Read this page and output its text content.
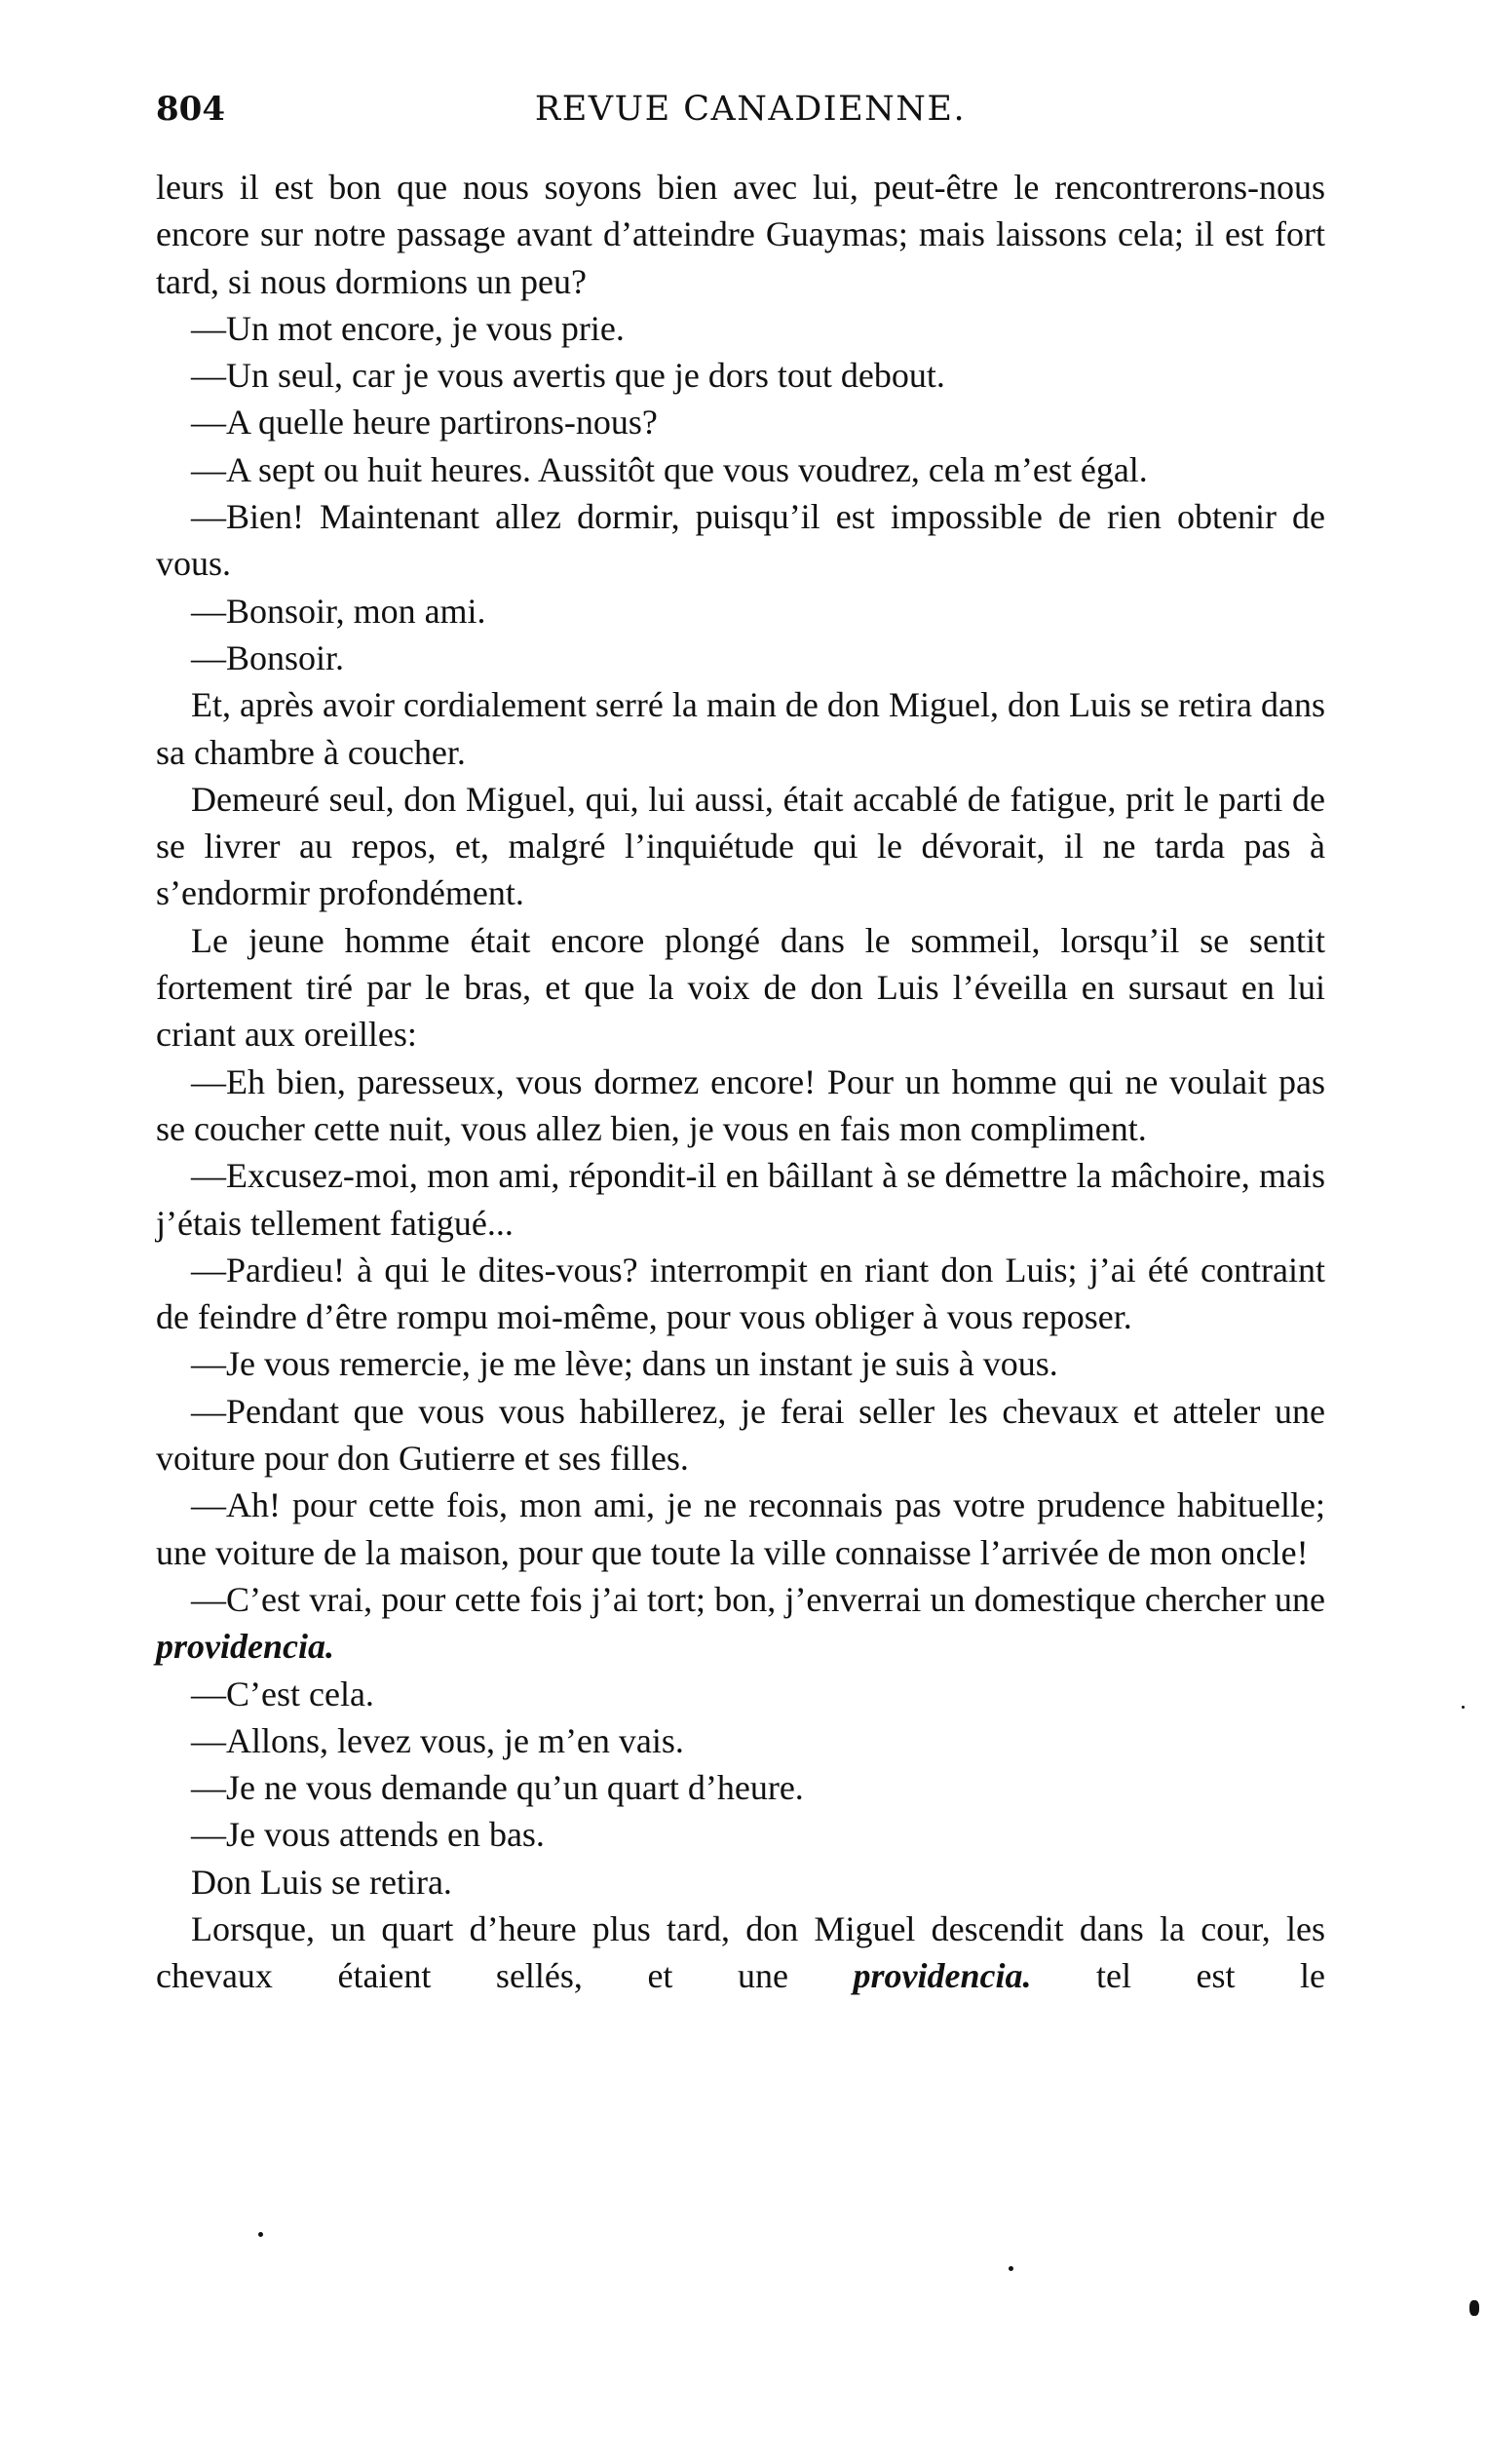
804	REVUE CANADIENNE.

leurs il est bon que nous soyons bien avec lui, peut-être le rencontrerons-nous encore sur notre passage avant d’atteindre Guaymas; mais laissons cela; il est fort tard, si nous dormions un peu?

—Un mot encore, je vous prie.

—Un seul, car je vous avertis que je dors tout debout.

—A quelle heure partirons-nous?

—A sept ou huit heures. Aussitôt que vous voudrez, cela m’est égal.

—Bien! Maintenant allez dormir, puisqu’il est impossible de rien obtenir de vous.

—Bonsoir, mon ami.

—Bonsoir.

Et, après avoir cordialement serré la main de don Miguel, don Luis se retira dans sa chambre à coucher.

Demeuré seul, don Miguel, qui, lui aussi, était accablé de fatigue, prit le parti de se livrer au repos, et, malgré l’inquiétude qui le dévorait, il ne tarda pas à s’endormir profondément.

Le jeune homme était encore plongé dans le sommeil, lorsqu’il se sentit fortement tiré par le bras, et que la voix de don Luis l’éveilla en sursaut en lui criant aux oreilles:

—Eh bien, paresseux, vous dormez encore! Pour un homme qui ne voulait pas se coucher cette nuit, vous allez bien, je vous en fais mon compliment.

—Excusez-moi, mon ami, répondit-il en bâillant à se démettre la mâchoire, mais j’étais tellement fatigué...

—Pardieu! à qui le dites-vous? interrompit en riant don Luis; j’ai été contraint de feindre d’être rompu moi-même, pour vous obliger à vous reposer.

—Je vous remercie, je me lève; dans un instant je suis à vous.

—Pendant que vous vous habillerez, je ferai seller les chevaux et atteler une voiture pour don Gutierre et ses filles.

—Ah! pour cette fois, mon ami, je ne reconnais pas votre prudence habituelle; une voiture de la maison, pour que toute la ville connaisse l’arrivée de mon oncle!

—C’est vrai, pour cette fois j’ai tort; bon, j’enverrai un domestique chercher une providencia.

—C’est cela.

—Allons, levez vous, je m’en vais.

—Je ne vous demande qu’un quart d’heure.

—Je vous attends en bas.

Don Luis se retira.

Lorsque, un quart d’heure plus tard, don Miguel descendit dans la cour, les chevaux étaient sellés, et une providencia. tel est le
